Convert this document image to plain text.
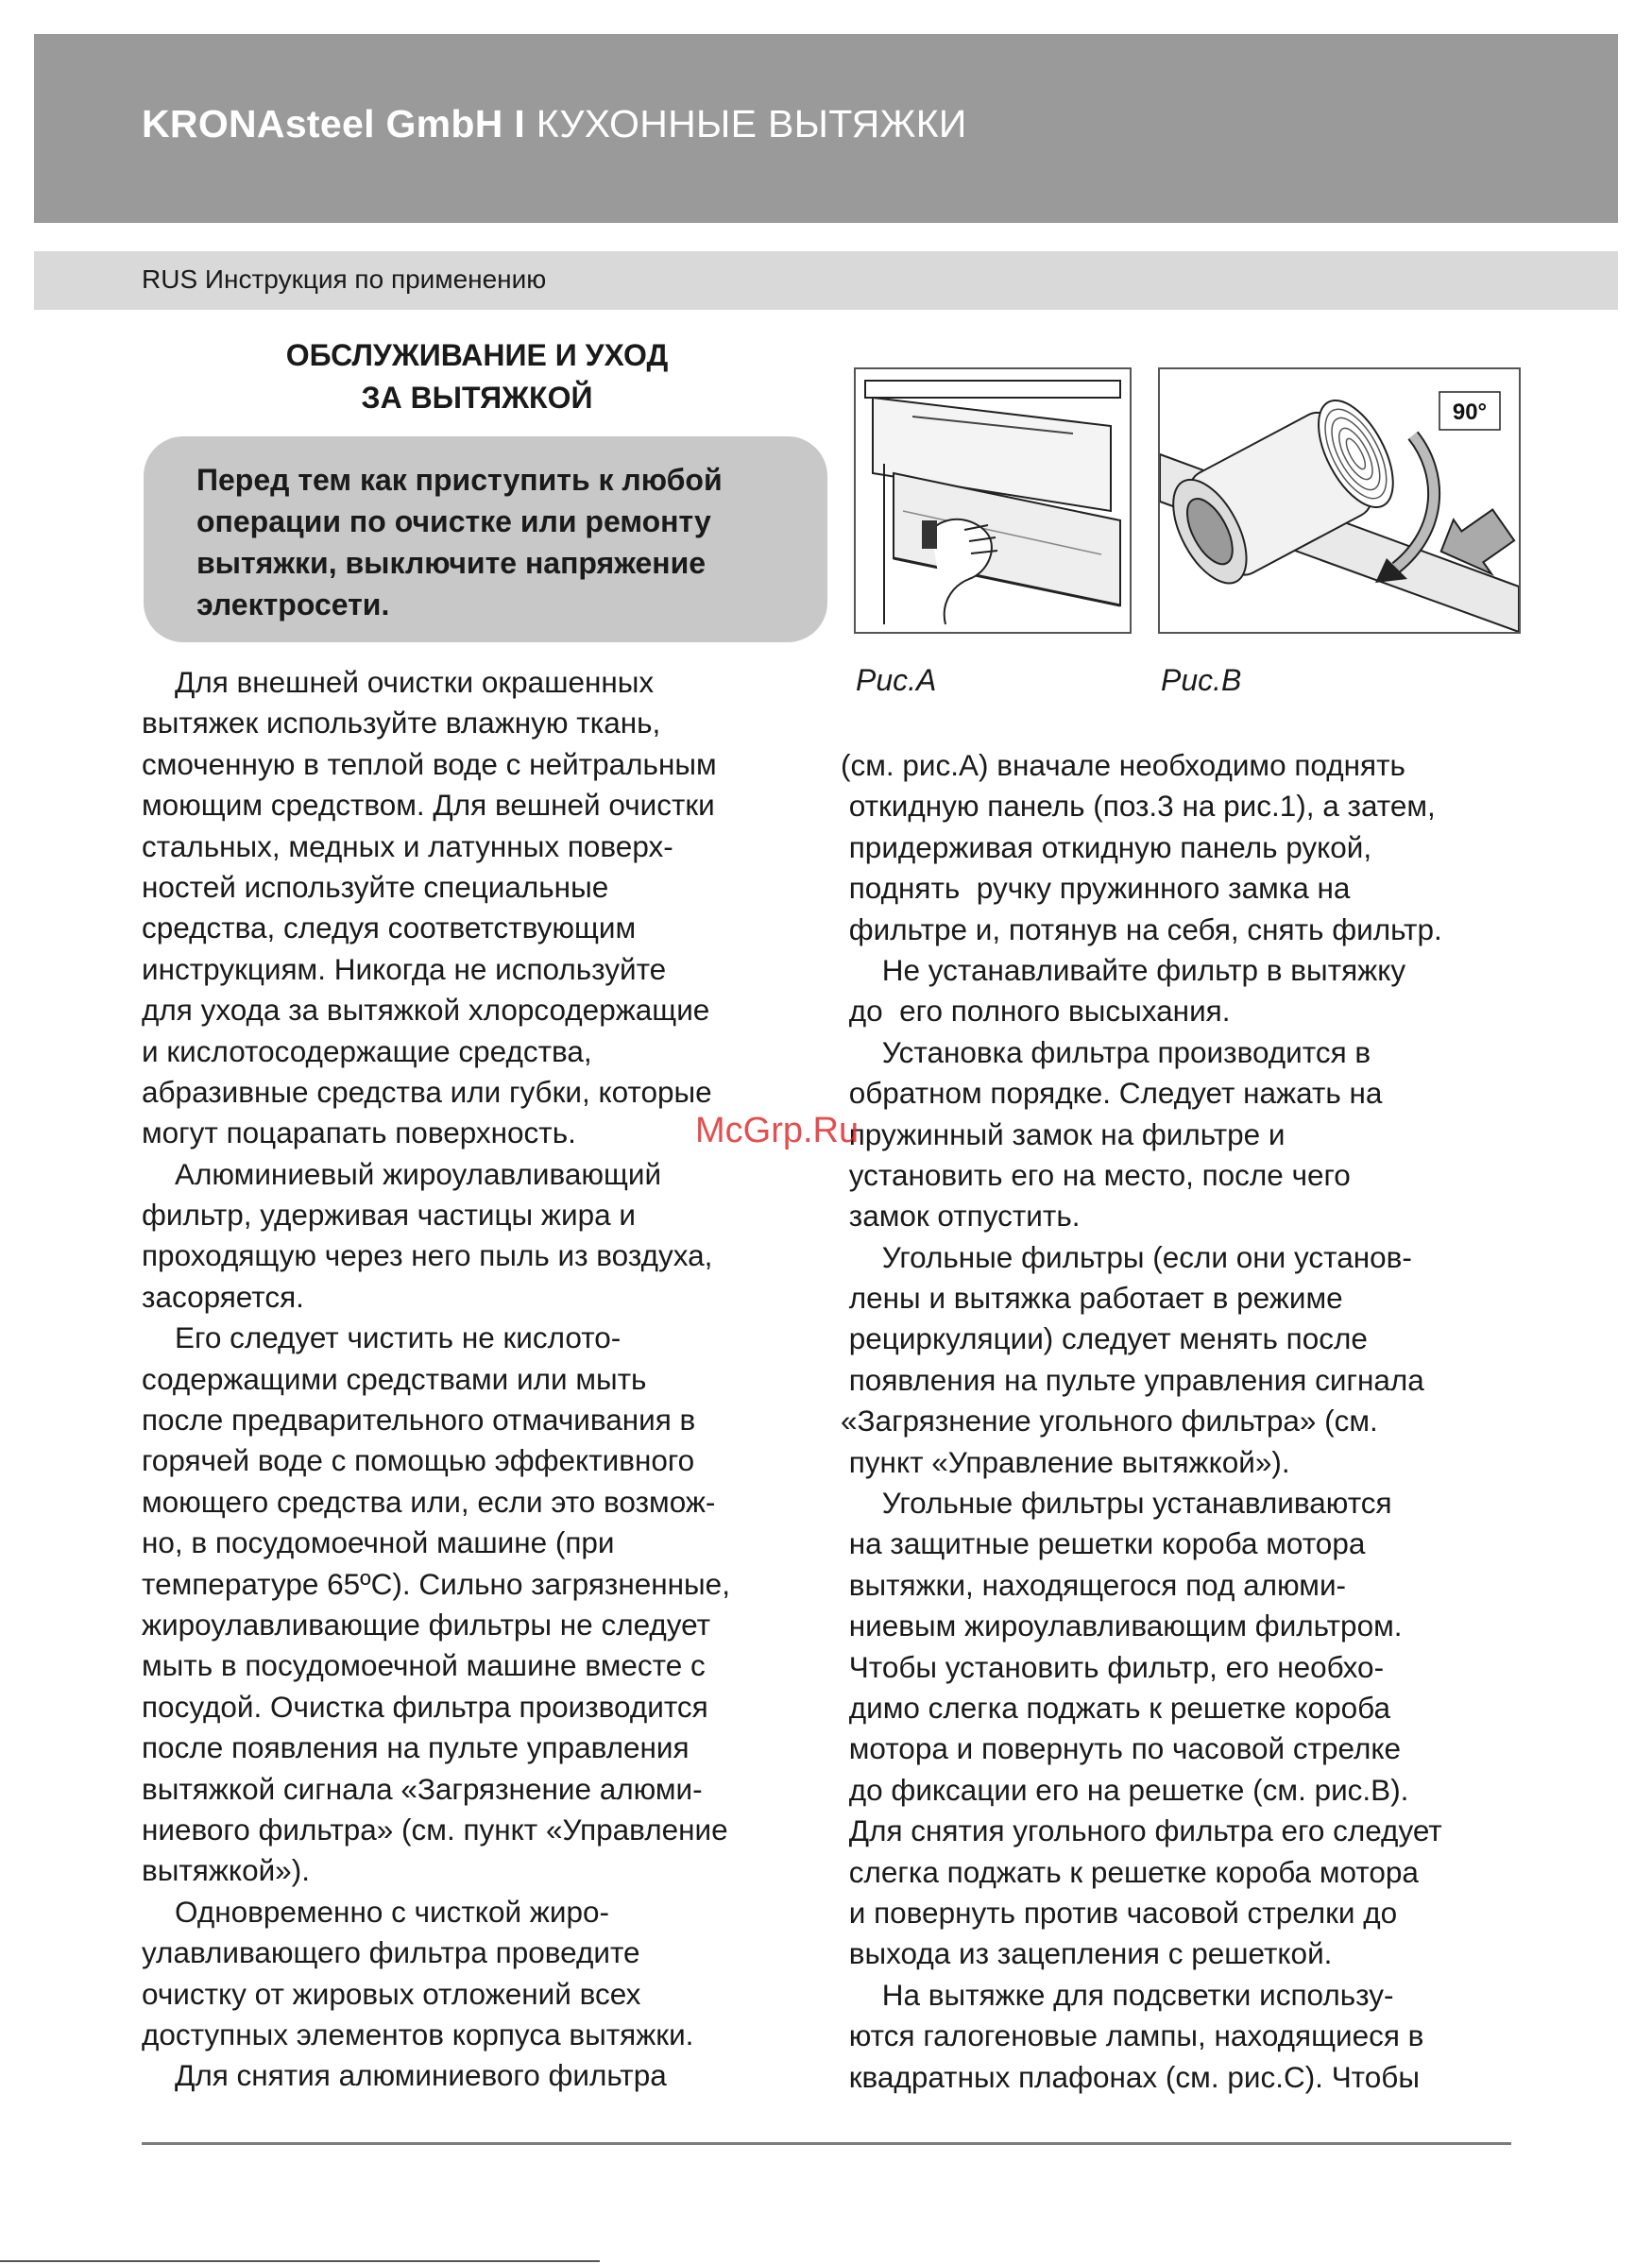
KRONAsteel GmbH I КУХОННЫЕ ВЫТЯЖКИ
RUS Инструкция по применению
ОБСЛУЖИВАНИЕ И УХОД
ЗА ВЫТЯЖКОЙ
Перед тем как приступить к любой
операции по очистке или ремонту
вытяжки, выключите напряжение
электросети.
90°
Рис.А	Рис.В
Для внешней очистки окрашенных
вытяжек используйте влажную ткань,
смоченную в теплой воде с нейтральным
моющим средством. Для вешней очистки
стальных, медных и латунных поверх-
ностей используйте специальные
средства, следуя соответствующим
инструкциям. Никогда не используйте
для ухода за вытяжкой хлорсодержащие
и кислотосодержащие средства,
абразивные средства или губки, которые
могут поцарапать поверхность.
Алюминиевый жироулавливающий
фильтр, удерживая частицы жира и
проходящую через него пыль из воздуха,
засоряется.
Его следует чистить не кислото-
содержащими средствами или мыть
после предварительного отмачивания в
горячей воде с помощью эффективного
моющего средства или, если это возмож-
но, в посудомоечной машине (при
температуре 65ºС). Сильно загрязненные,
жироулавливающие фильтры не следует
мыть в посудомоечной машине вместе с
посудой. Очистка фильтра производится
после появления на пульте управления
вытяжкой сигнала «Загрязнение алюми-
ниевого фильтра» (см. пункт «Управление
вытяжкой»).
Одновременно с чисткой жиро-
улавливающего фильтра проведите
очистку от жировых отложений всех
доступных элементов корпуса вытяжки.
Для снятия алюминиевого фильтра
(см. рис.А) вначале необходимо поднять
откидную панель (поз.3 на рис.1), а затем,
придерживая откидную панель рукой,
поднять  ручку пружинного замка на
фильтре и, потянув на себя, снять фильтр.
Не устанавливайте фильтр в вытяжку
до  его полного высыхания.
Установка фильтра производится в
обратном порядке. Следует нажать на
пружинный замок на фильтре и
установить его на место, после чего
замок отпустить.
Угольные фильтры (если они установ-
лены и вытяжка работает в режиме
рециркуляции) следует менять после
появления на пульте управления сигнала
«Загрязнение угольного фильтра» (см.
пункт «Управление вытяжкой»).
Угольные фильтры устанавливаются
на защитные решетки короба мотора
вытяжки, находящегося под алюми-
ниевым жироулавливающим фильтром.
Чтобы установить фильтр, его необхо-
димо слегка поджать к решетке короба
мотора и повернуть по часовой стрелке
до фиксации его на решетке (см. рис.В).
Для снятия угольного фильтра его следует
слегка поджать к решетке короба мотора
и повернуть против часовой стрелки до
выхода из зацепления с решеткой.
На вытяжке для подсветки использу-
ются галогеновые лампы, находящиеся в
квадратных плафонах (см. рис.С). Чтобы
McGrp.Ru
